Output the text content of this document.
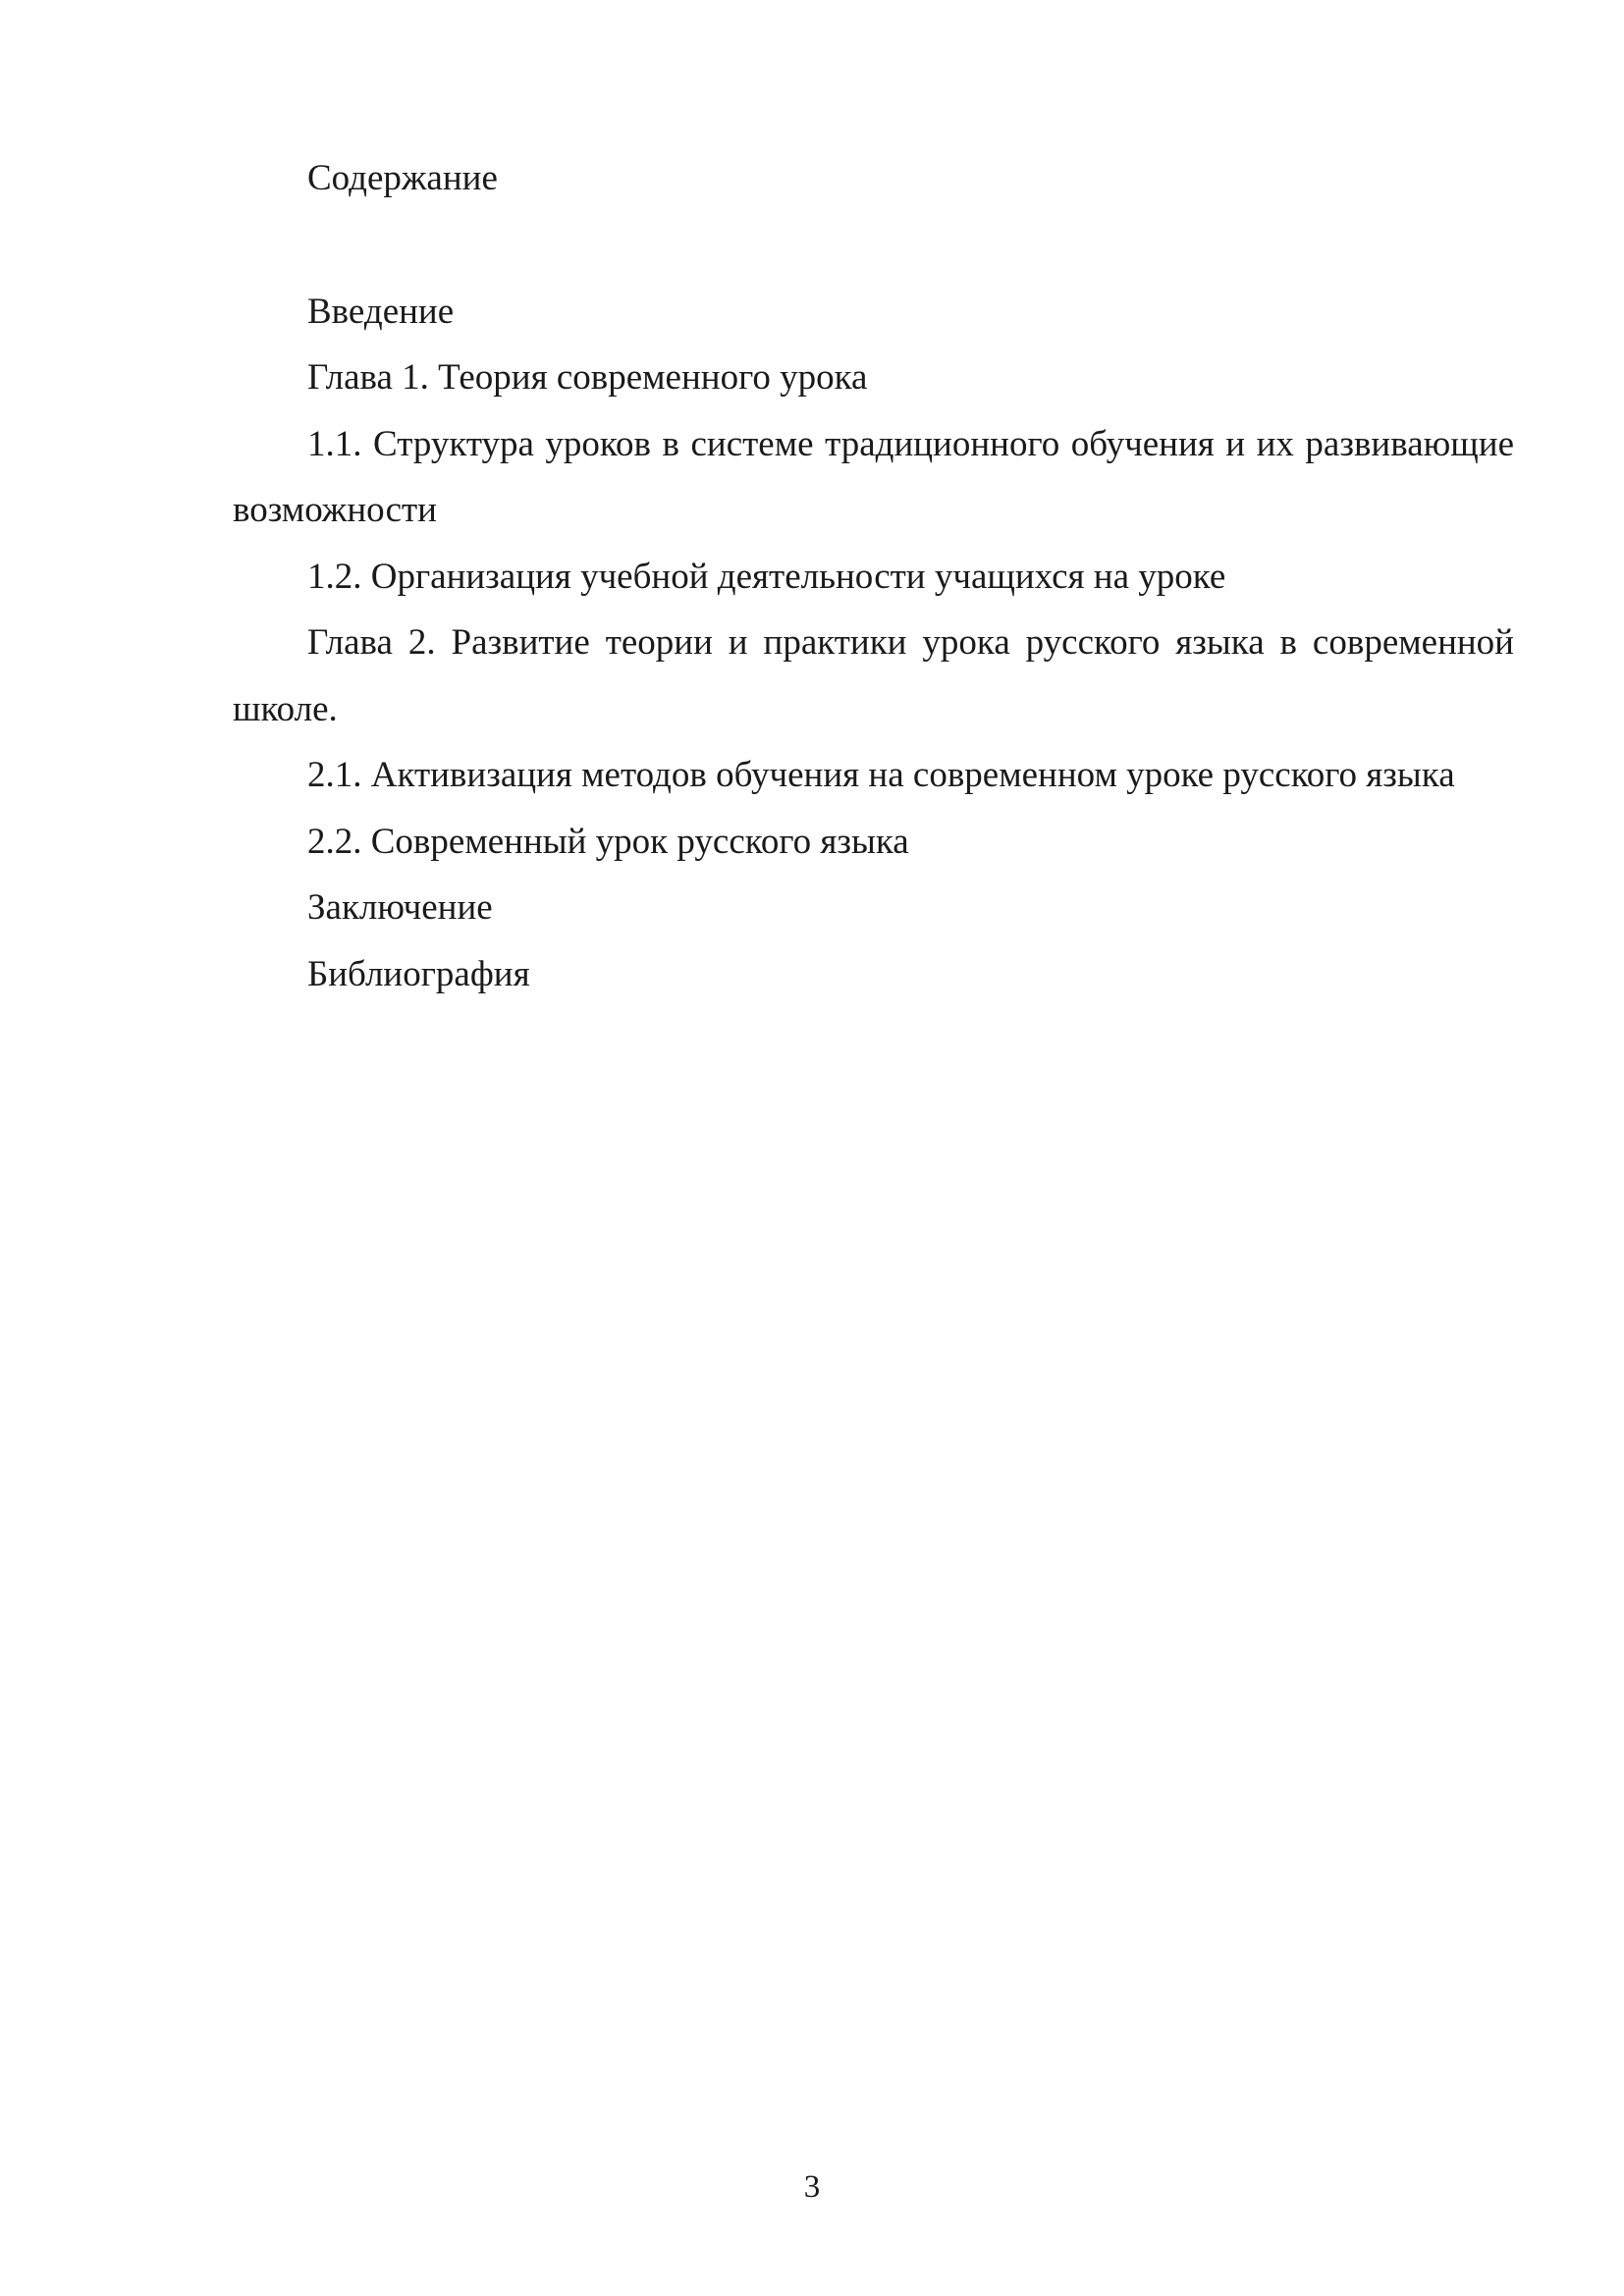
Содержание

Введение
Глава 1. Теория современного урока
1.1. Структура уроков в системе традиционного обучения и их развивающие возможности
1.2. Организация учебной деятельности учащихся на уроке
Глава 2. Развитие теории и практики урока русского языка в современной школе.
2.1. Активизация методов обучения на современном уроке русского языка
2.2. Современный урок русского языка
Заключение
Библиография
3
